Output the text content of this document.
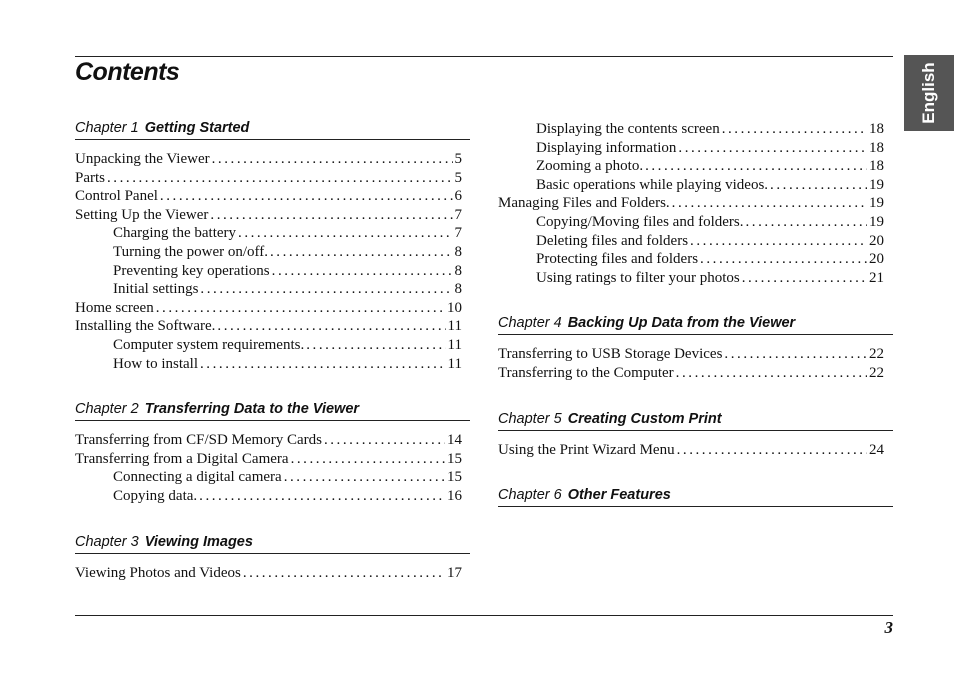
Contents	English
Chapter 1 Getting Started
Unpacking the Viewer . . .	5
Parts . . .	5
Control Panel . . .	6
Setting Up the Viewer . . .	7
Charging the battery . . .	7
Turning the power on/off. . . .	8
Preventing key operations . . .	8
Initial settings . . .	8
Home screen . . .	10
Installing the Software. . . .	11
Computer system requirements. . . .	11
How to install . . .	11
Chapter 2 Transferring Data to the Viewer
Transferring from CF/SD Memory Cards . . .	14
Transferring from a Digital Camera . . .	15
Connecting a digital camera . . .	15
Copying data. . . .	16
Chapter 3 Viewing Images
Viewing Photos and Videos . . .	17
Displaying the contents screen . . .	18
Displaying information . . .	18
Zooming a photo. . . .	18
Basic operations while playing videos. . . .	19
Managing Files and Folders. . . .	19
Copying/Moving files and folders. . . .	19
Deleting files and folders . . .	20
Protecting files and folders . . .	20
Using ratings to filter your photos . . .	21
Chapter 4 Backing Up Data from the Viewer
Transferring to USB Storage Devices . . .	22
Transferring to the Computer . . .	22
Chapter 5 Creating Custom Print
Using the Print Wizard Menu . . .	24
Chapter 6 Other Features
3
